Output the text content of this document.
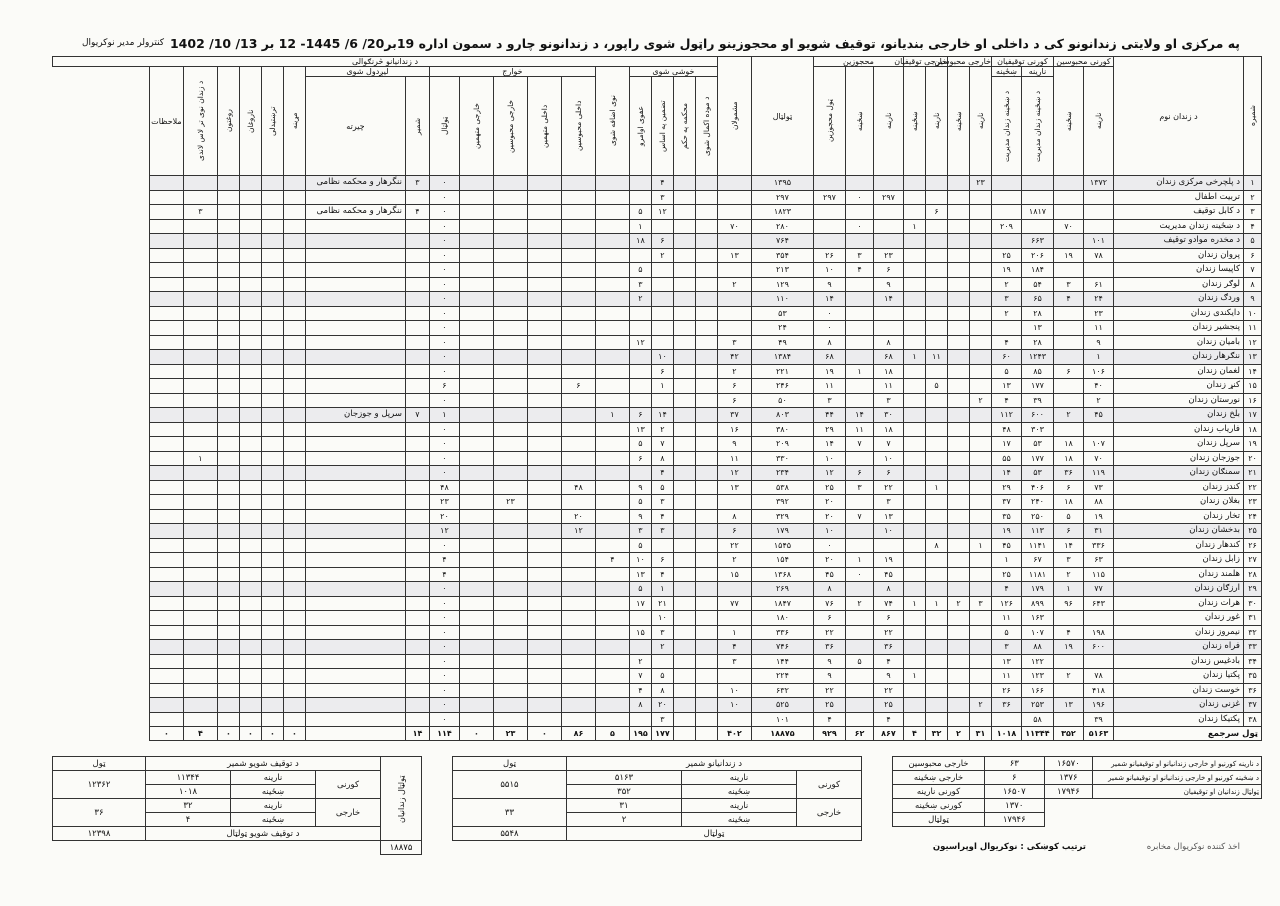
په مرکزی او ولایتی زندانونو کی د داخلی او خارجی بندیانو، توقیف شویو او محجوزینو راټول شوی راپور، د زندانونو چارو د سمون اداره 19بر20/ 6/ 1445- 12 بر 13/ 10/ 1402
کنترولر مدیر نوکریوال
شمیره	د زندان نوم	کورنی محبوسین		کورنی توقیفیان		خارجی محبوسین		خارجی توقیفیان		محجوزین			ټولټال	مشمولان	د زندانیانو څرنګوالی																	

		نارینه	ښځینه	نارینه	ښځینه	نارینه	ښځینه	نارینه	ښځینه	نارینه	ښځینه	ټول محجوزین			خوشی شوی				نوی اضافه شوی	خوارج					لیږدول شوی		مړینه	ترښتیدلی	ناروغان	روغتون	د زندان نوی تر لاس لاندی	ملاحظات

				د ښځینه زندان مدیریت	د ښځینه زندان مدیریت										د موده اکمال شوی	محکمه په حکم	تضمین په اساس	عفوی اوامرو		داخلی محبوسین	داخلی متهمین	خارجی محبوسین	خارجی متهمین	ټولټال	شمیر	چیرته						
۱	د پلچرخی مرکزی زندان	۱۳۷۲				۲۳							۱۳۹۵				۴							۰	۳	ننگرهار و محکمه نظامی						
۲	تربیت اطفال									۲۹۷	۰	۲۹۷	۲۹۷				۳							۰								
۳	د کابل توقیف			۱۸۱۷				۶					۱۸۲۳				۱۲	۵						۰	۴	ننگرهار و محکمه نظامی					۳	
۴	د ښځینه زندان مدیریت		۷۰		۲۰۹				۱		۰		۲۸۰	۷۰				۱						۰								
۵	د مخدره موادو توقیف	۱۰۱		۶۶۳									۷۶۴				۶	۱۸						۰								
۶	پروان زندان	۷۸	۱۹	۲۰۶	۲۵					۲۳	۳	۲۶	۳۵۴	۱۳			۲							۰								
۷	کاپیسا زندان			۱۸۴	۱۹					۶	۴	۱۰	۲۱۳					۵						۰								
۸	لوګر زندان	۶۱	۳	۵۴	۲					۹		۹	۱۲۹	۲				۳						۰								
۹	وردګ زندان	۲۴	۴	۶۵	۳					۱۴		۱۴	۱۱۰					۲						۰								
۱۰	دایکندی زندان	۲۳		۲۸	۲							۰	۵۳											۰								
۱۱	پنجشیر زندان	۱۱		۱۳								۰	۲۴											۰								
۱۲	بامیان زندان	۹		۲۸	۴					۸		۸	۴۹	۳				۱۲						۰								
۱۳	ننګرهار زندان	۱		۱۲۴۳	۶۰			۱۱	۱	۶۸		۶۸	۱۳۸۴	۴۲			۱۰							۰								
۱۴	لغمان زندان	۱۰۶	۶	۸۵	۵					۱۸	۱	۱۹	۲۲۱	۲			۶							۰								
۱۵	کنړ زندان	۴۰		۱۷۷	۱۳			۵		۱۱		۱۱	۲۴۶	۶			۱			۶				۶								
۱۶	نورستان زندان	۲		۳۹	۴	۲				۳		۳	۵۰	۶										۰								
۱۷	بلخ زندان	۴۵	۲	۶۰۰	۱۱۲					۳۰	۱۴	۴۴	۸۰۳	۳۷			۱۴	۶	۱					۱	۷	سرپل و جوزجان						
۱۸	فاریاب زندان			۳۰۳	۴۸					۱۸	۱۱	۲۹	۳۸۰	۱۶			۲	۱۳						۰								
۱۹	سرپل زندان	۱۰۷	۱۸	۵۳	۱۷					۷	۷	۱۴	۲۰۹	۹			۷	۵						۰								
۲۰	جوزجان زندان	۷۰	۱۸	۱۷۷	۵۵					۱۰		۱۰	۳۳۰	۱۱			۸	۶						۰							۱	
۲۱	سمنګان زندان	۱۱۹	۳۶	۵۳	۱۴					۶	۶	۱۲	۲۳۴	۱۲			۴							۰								
۲۲	کندز زندان	۷۳	۶	۴۰۶	۲۹			۱		۲۲	۳	۲۵	۵۳۸	۱۳			۵	۹		۴۸				۴۸								
۲۳	بغلان زندان	۸۸	۱۸	۲۴۰	۳۷					۳		۲۰	۳۹۲				۳	۵				۲۳		۲۳								
۲۴	تخار زندان	۱۹	۵	۲۵۰	۳۵					۱۳	۷	۲۰	۳۲۹	۸			۴	۹		۲۰				۲۰								
۲۵	بدخشان زندان	۳۱	۶	۱۱۳	۱۹					۱۰		۱۰	۱۷۹	۶			۳	۳		۱۲				۱۲								
۲۶	کندهار زندان	۳۳۶	۱۴	۱۱۴۱	۴۵	۱		۸				۰	۱۵۴۵	۲۲				۵						۰								
۲۷	زابل زندان	۶۳	۳	۶۷	۱					۱۹	۱	۲۰	۱۵۴	۲			۶	۱۰	۴					۴								
۲۸	هلمند زندان	۱۱۵	۲	۱۱۸۱	۲۵					۴۵	۰	۴۵	۱۳۶۸	۱۵			۴	۱۳						۴								
۲۹	ارزګان زندان	۷۷	۱	۱۷۹	۴					۸		۸	۲۶۹				۱	۵						۰								
۳۰	هرات زندان	۶۴۳	۹۶	۸۹۹	۱۲۶	۳	۲	۱	۱	۷۴	۲	۷۶	۱۸۴۷	۷۷			۲۱	۱۷						۰								
۳۱	غور زندان			۱۶۳	۱۱					۶		۶	۱۸۰				۱۰							۰								
۳۲	نیمروز زندان	۱۹۸	۴	۱۰۷	۵					۲۲		۲۲	۳۳۶	۱			۳	۱۵						۰								
۳۳	فراه زندان	۶۰۰	۱۹	۸۸	۳					۳۶		۳۶	۷۴۶	۴			۲							۰								
۳۴	بادغیس زندان			۱۲۲	۱۳					۴	۵	۹	۱۴۴	۳				۲						۰								
۳۵	پکتیا زندان	۷۸	۲	۱۲۳	۱۱				۱	۹		۹	۲۲۴				۵	۷						۰								
۳۶	خوست زندان	۴۱۸		۱۶۶	۲۶					۲۲		۲۲	۶۳۲	۱۰			۸	۴						۰								
۳۷	غزنی زندان	۱۹۶	۱۳	۲۵۳	۳۶	۲				۲۵		۲۵	۵۲۵	۱۰			۲۰	۸						۰								
۳۸	پکتیکا زندان	۳۹		۵۸						۴		۴	۱۰۱				۳							۰								
ټول سرجمع		۵۱۶۳	۳۵۲	۱۱۳۴۴	۱۰۱۸	۳۱	۲	۳۲	۴	۸۶۷	۶۲	۹۲۹	۱۸۸۷۵	۴۰۲			۱۷۷	۱۹۵	۵	۸۶	۰	۲۳	۰	۱۱۴	۱۴		۰	۰	۰	۰	۴	۰
د نارینه کورنیو او خارجی زندانیانو او توقیفیانو شمیر	۱۶۵۷۰	۶۳	خارجی محبوسین
د ښځینه کورنیو او خارجی زندانیانو او توقیفیانو شمیر	۱۳۷۶	۶	خارجی ښځینه
ټولټال زندانیان او توقیفیان	۱۷۹۴۶	۱۶۵۰۷	کورنی نارینه
		۱۳۷۰	کورنی ښځینه
		۱۷۹۴۶	ټولټال
د زندانیانو شمیر			ټول
کورنی	نارینه	۵۱۶۳	۵۵۱۵
	ښځینه	۳۵۲	
خارجی	نارینه	۳۱	۳۳
	ښځینه	۲	
ټولټال			۵۵۴۸
ټولټال زندانیان	د توقیف شویو شمیر			ټول
	کورنی	نارینه	۱۱۳۴۴	۱۲۳۶۲
		ښځینه	۱۰۱۸	
	خارجی	نارینه	۳۲	۳۶
		ښځینه	۴	
	د توقیف شویو ټولټال			۱۲۳۹۸
۱۸۸۷۵					ترتیب کوښکی : نوکریوال اوپراسیون	اخذ کننده نوکریوال مخابره
